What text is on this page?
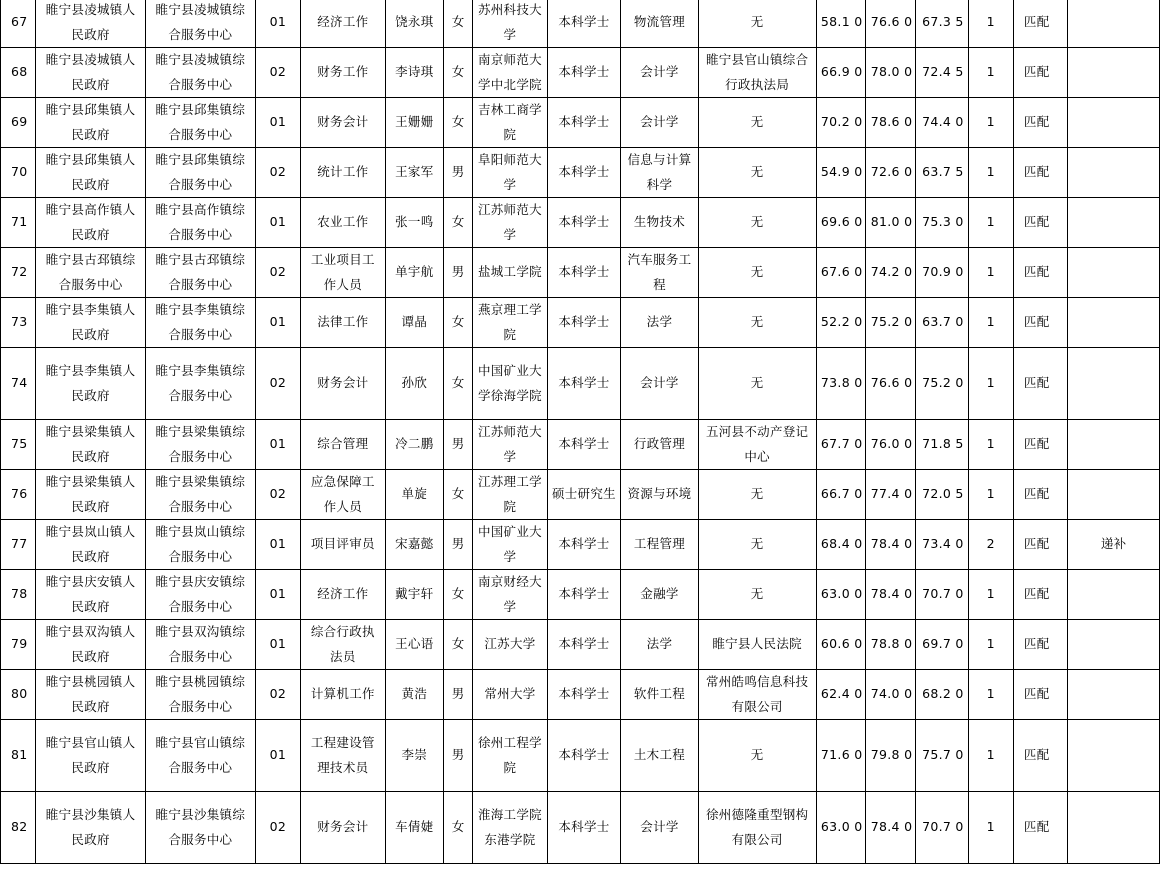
67	睢宁县凌城镇人民政府	睢宁县凌城镇综合服务中心	01	经济工作	饶永琪	女	苏州科技大学	本科学士	物流管理	无	58.1 0	76.6 0	67.3 5	1	匹配	
68	睢宁县凌城镇人民政府	睢宁县凌城镇综合服务中心	02	财务工作	李诗琪	女	南京师范大学中北学院	本科学士	会计学	睢宁县官山镇综合行政执法局	66.9 0	78.0 0	72.4 5	1	匹配	
69	睢宁县邱集镇人民政府	睢宁县邱集镇综合服务中心	01	财务会计	王姗姗	女	吉林工商学院	本科学士	会计学	无	70.2 0	78.6 0	74.4 0	1	匹配	
70	睢宁县邱集镇人民政府	睢宁县邱集镇综合服务中心	02	统计工作	王家军	男	阜阳师范大学	本科学士	信息与计算科学	无	54.9 0	72.6 0	63.7 5	1	匹配	
71	睢宁县高作镇人民政府	睢宁县高作镇综合服务中心	01	农业工作	张一鸣	女	江苏师范大学	本科学士	生物技术	无	69.6 0	81.0 0	75.3 0	1	匹配	
72	睢宁县古邳镇综合服务中心	睢宁县古邳镇综合服务中心	02	工业项目工作人员	单宇航	男	盐城工学院	本科学士	汽车服务工程	无	67.6 0	74.2 0	70.9 0	1	匹配	
73	睢宁县李集镇人民政府	睢宁县李集镇综合服务中心	01	法律工作	谭晶	女	燕京理工学院	本科学士	法学	无	52.2 0	75.2 0	63.7 0	1	匹配	
74	睢宁县李集镇人民政府	睢宁县李集镇综合服务中心	02	财务会计	孙欣	女	中国矿业大学徐海学院	本科学士	会计学	无	73.8 0	76.6 0	75.2 0	1	匹配	
75	睢宁县梁集镇人民政府	睢宁县梁集镇综合服务中心	01	综合管理	冷二鹏	男	江苏师范大学	本科学士	行政管理	五河县不动产登记中心	67.7 0	76.0 0	71.8 5	1	匹配	
76	睢宁县梁集镇人民政府	睢宁县梁集镇综合服务中心	02	应急保障工作人员	单旋	女	江苏理工学院	硕士研究生	资源与环境	无	66.7 0	77.4 0	72.0 5	1	匹配	
77	睢宁县岚山镇人民政府	睢宁县岚山镇综合服务中心	01	项目评审员	宋嘉懿	男	中国矿业大学	本科学士	工程管理	无	68.4 0	78.4 0	73.4 0	2	匹配	递补
78	睢宁县庆安镇人民政府	睢宁县庆安镇综合服务中心	01	经济工作	戴宇轩	女	南京财经大学	本科学士	金融学	无	63.0 0	78.4 0	70.7 0	1	匹配	
79	睢宁县双沟镇人民政府	睢宁县双沟镇综合服务中心	01	综合行政执法员	王心语	女	江苏大学	本科学士	法学	睢宁县人民法院	60.6 0	78.8 0	69.7 0	1	匹配	
80	睢宁县桃园镇人民政府	睢宁县桃园镇综合服务中心	02	计算机工作	黄浩	男	常州大学	本科学士	软件工程	常州皓鸣信息科技有限公司	62.4 0	74.0 0	68.2 0	1	匹配	
81	睢宁县官山镇人民政府	睢宁县官山镇综合服务中心	01	工程建设管理技术员	李崇	男	徐州工程学院	本科学士	土木工程	无	71.6 0	79.8 0	75.7 0	1	匹配	
82	睢宁县沙集镇人民政府	睢宁县沙集镇综合服务中心	02	财务会计	车倩婕	女	淮海工学院东港学院	本科学士	会计学	徐州德隆重型钢构有限公司	63.0 0	78.4 0	70.7 0	1	匹配	
